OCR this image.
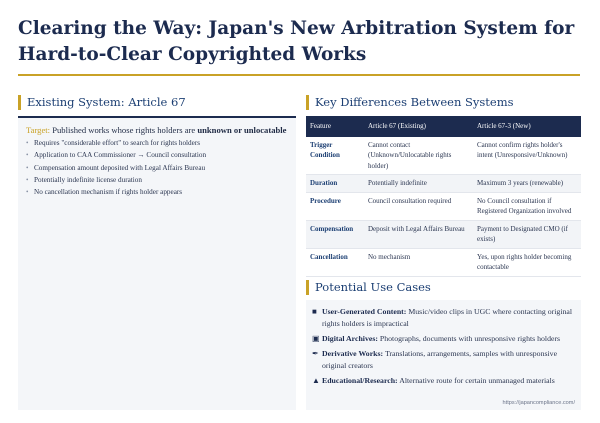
Clearing the Way: Japan's New Arbitration System for Hard-to-Clear Copyrighted Works
Existing System: Article 67
Target: Published works whose rights holders are unknown or unlocatable
• Requires "considerable effort" to search for rights holders
• Application to CAA Commissioner → Council consultation
• Compensation amount deposited with Legal Affairs Bureau
• Potentially indefinite license duration
• No cancellation mechanism if rights holder appears
Key Differences Between Systems
Feature	Article 67 (Existing)	Article 67-3 (New)
Trigger Condition	Cannot contact (Unknown/Unlocatable rights holder)	Cannot confirm rights holder's intent (Unresponsive/Unknown)
Duration	Potentially indefinite	Maximum 3 years (renewable)
Procedure	Council consultation required	No Council consultation if Registered Organization involved
Compensation	Deposit with Legal Affairs Bureau	Payment to Designated CMO (if exists)
Cancellation	No mechanism	Yes, upon rights holder becoming contactable
Potential Use Cases
■ User-Generated Content: Music/video clips in UGC where contacting original rights holders is impractical
▣ Digital Archives: Photographs, documents with unresponsive rights holders
✒ Derivative Works: Translations, arrangements, samples with unresponsive original creators
▲ Educational/Research: Alternative route for certain unmanaged materials
https://japancompliance.com/
